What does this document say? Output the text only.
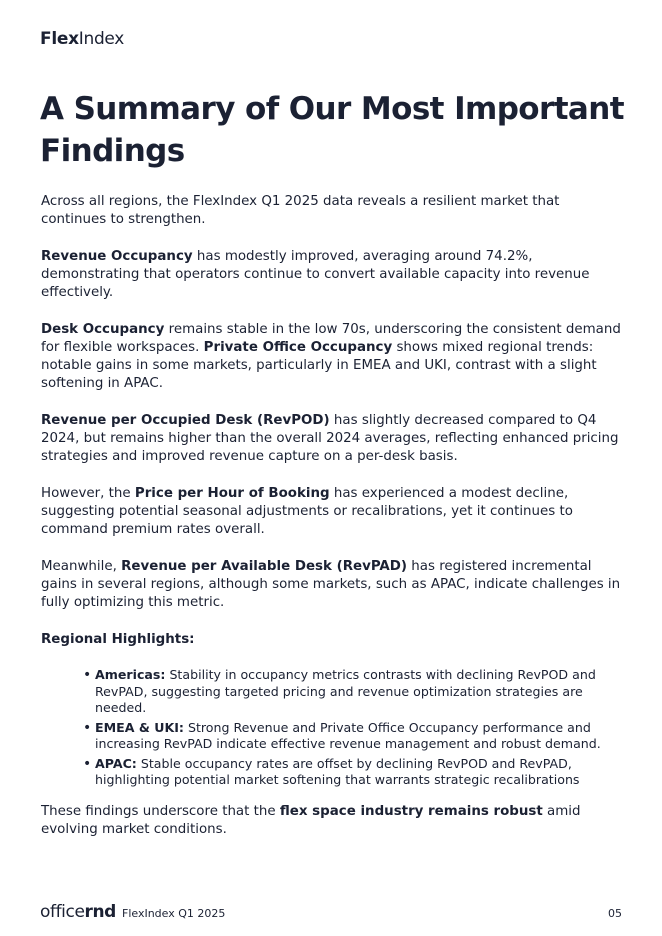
FlexIndex
A Summary of Our Most Important Findings

Across all regions, the FlexIndex Q1 2025 data reveals a resilient market that continues to strengthen.

Revenue Occupancy has modestly improved, averaging around 74.2%, demonstrating that operators continue to convert available capacity into revenue effectively.

Desk Occupancy remains stable in the low 70s, underscoring the consistent demand for flexible workspaces. Private Office Occupancy shows mixed regional trends: notable gains in some markets, particularly in EMEA and UKI, contrast with a slight softening in APAC.

Revenue per Occupied Desk (RevPOD) has slightly decreased compared to Q4 2024, but remains higher than the overall 2024 averages, reflecting enhanced pricing strategies and improved revenue capture on a per-desk basis.

However, the Price per Hour of Booking has experienced a modest decline, suggesting potential seasonal adjustments or recalibrations, yet it continues to command premium rates overall.

Meanwhile, Revenue per Available Desk (RevPAD) has registered incremental gains in several regions, although some markets, such as APAC, indicate challenges in fully optimizing this metric.

Regional Highlights:
• Americas: Stability in occupancy metrics contrasts with declining RevPOD and RevPAD, suggesting targeted pricing and revenue optimization strategies are needed.
• EMEA & UKI: Strong Revenue and Private Office Occupancy performance and increasing RevPAD indicate effective revenue management and robust demand.
• APAC: Stable occupancy rates are offset by declining RevPOD and RevPAD, highlighting potential market softening that warrants strategic recalibrations

These findings underscore that the flex space industry remains robust amid evolving market conditions.

officernd FlexIndex Q1 2025	05
